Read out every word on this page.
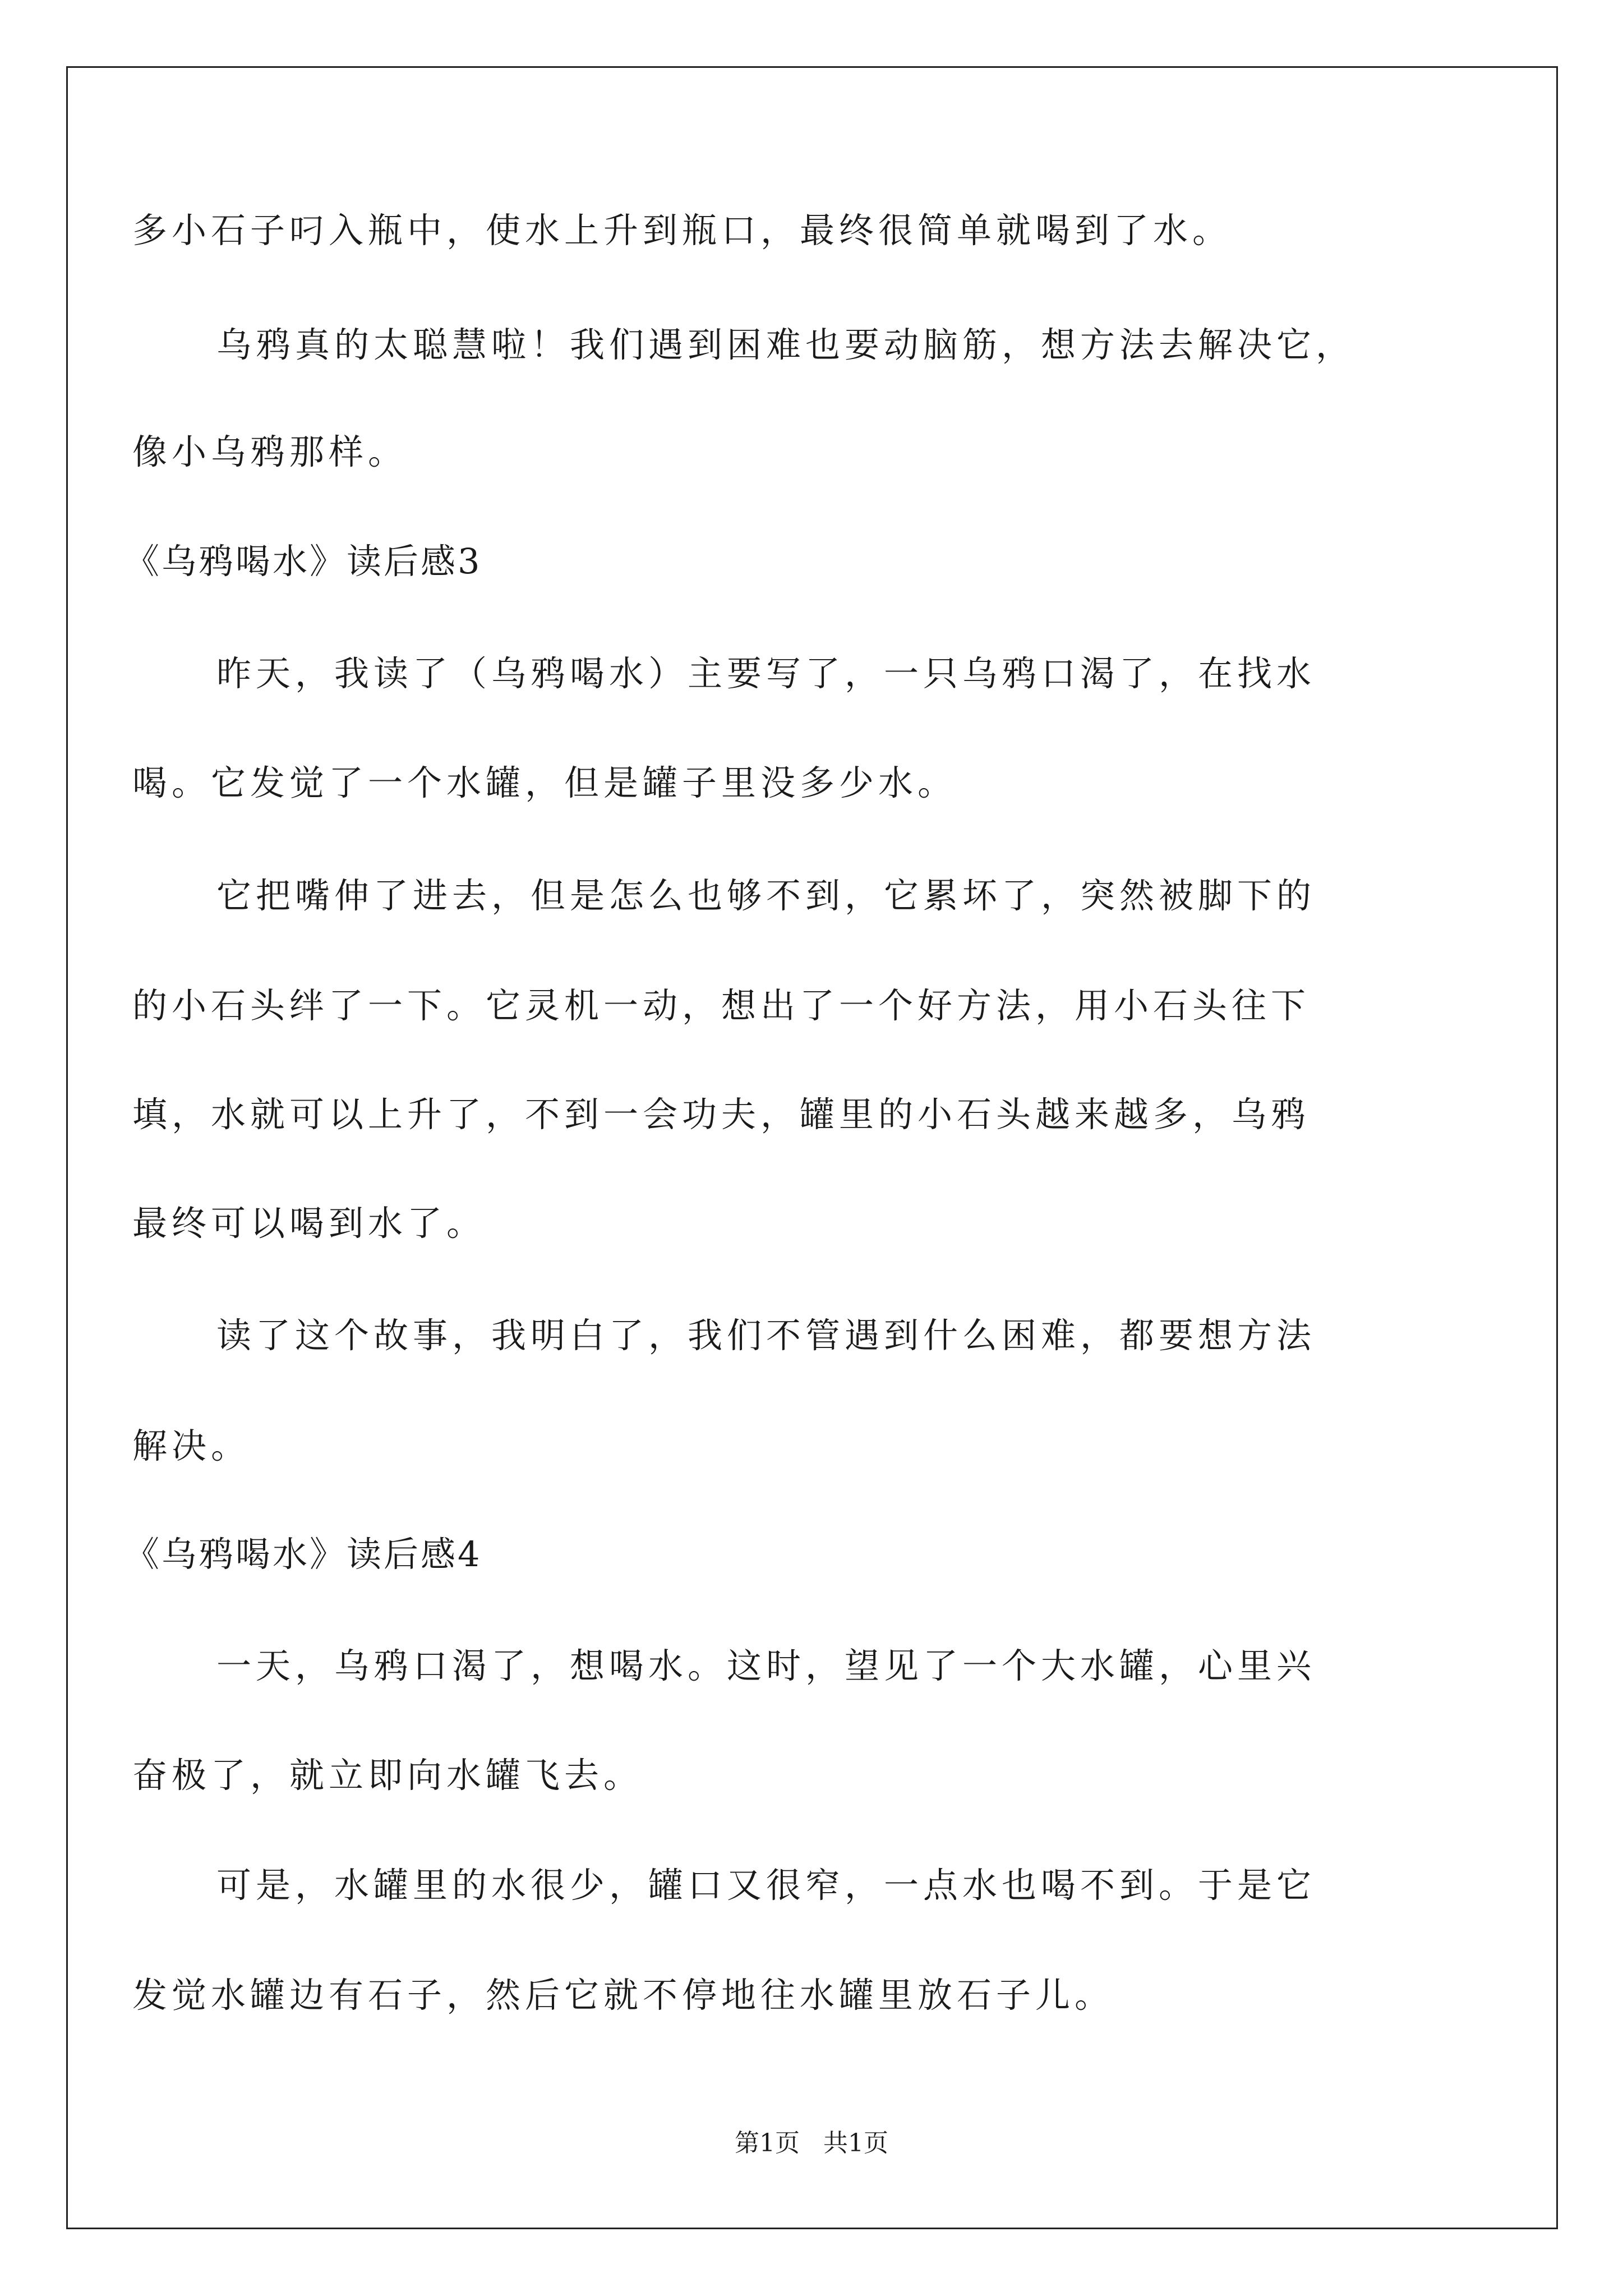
多小石子叼入瓶中，使水上升到瓶口，最终很简单就喝到了水。
乌鸦真的太聪慧啦！我们遇到困难也要动脑筋，想方法去解决它，
像小乌鸦那样。
《乌鸦喝水》读后感3
昨天，我读了（乌鸦喝水）主要写了，一只乌鸦口渴了，在找水
喝。它发觉了一个水罐，但是罐子里没多少水。
它把嘴伸了进去，但是怎么也够不到，它累坏了，突然被脚下的
的小石头绊了一下。它灵机一动，想出了一个好方法，用小石头往下
填，水就可以上升了，不到一会功夫，罐里的小石头越来越多，乌鸦
最终可以喝到水了。
读了这个故事，我明白了，我们不管遇到什么困难，都要想方法
解决。
《乌鸦喝水》读后感4
一天，乌鸦口渴了，想喝水。这时，望见了一个大水罐，心里兴
奋极了，就立即向水罐飞去。
可是，水罐里的水很少，罐口又很窄，一点水也喝不到。于是它
发觉水罐边有石子，然后它就不停地往水罐里放石子儿。
第1页   共1页
